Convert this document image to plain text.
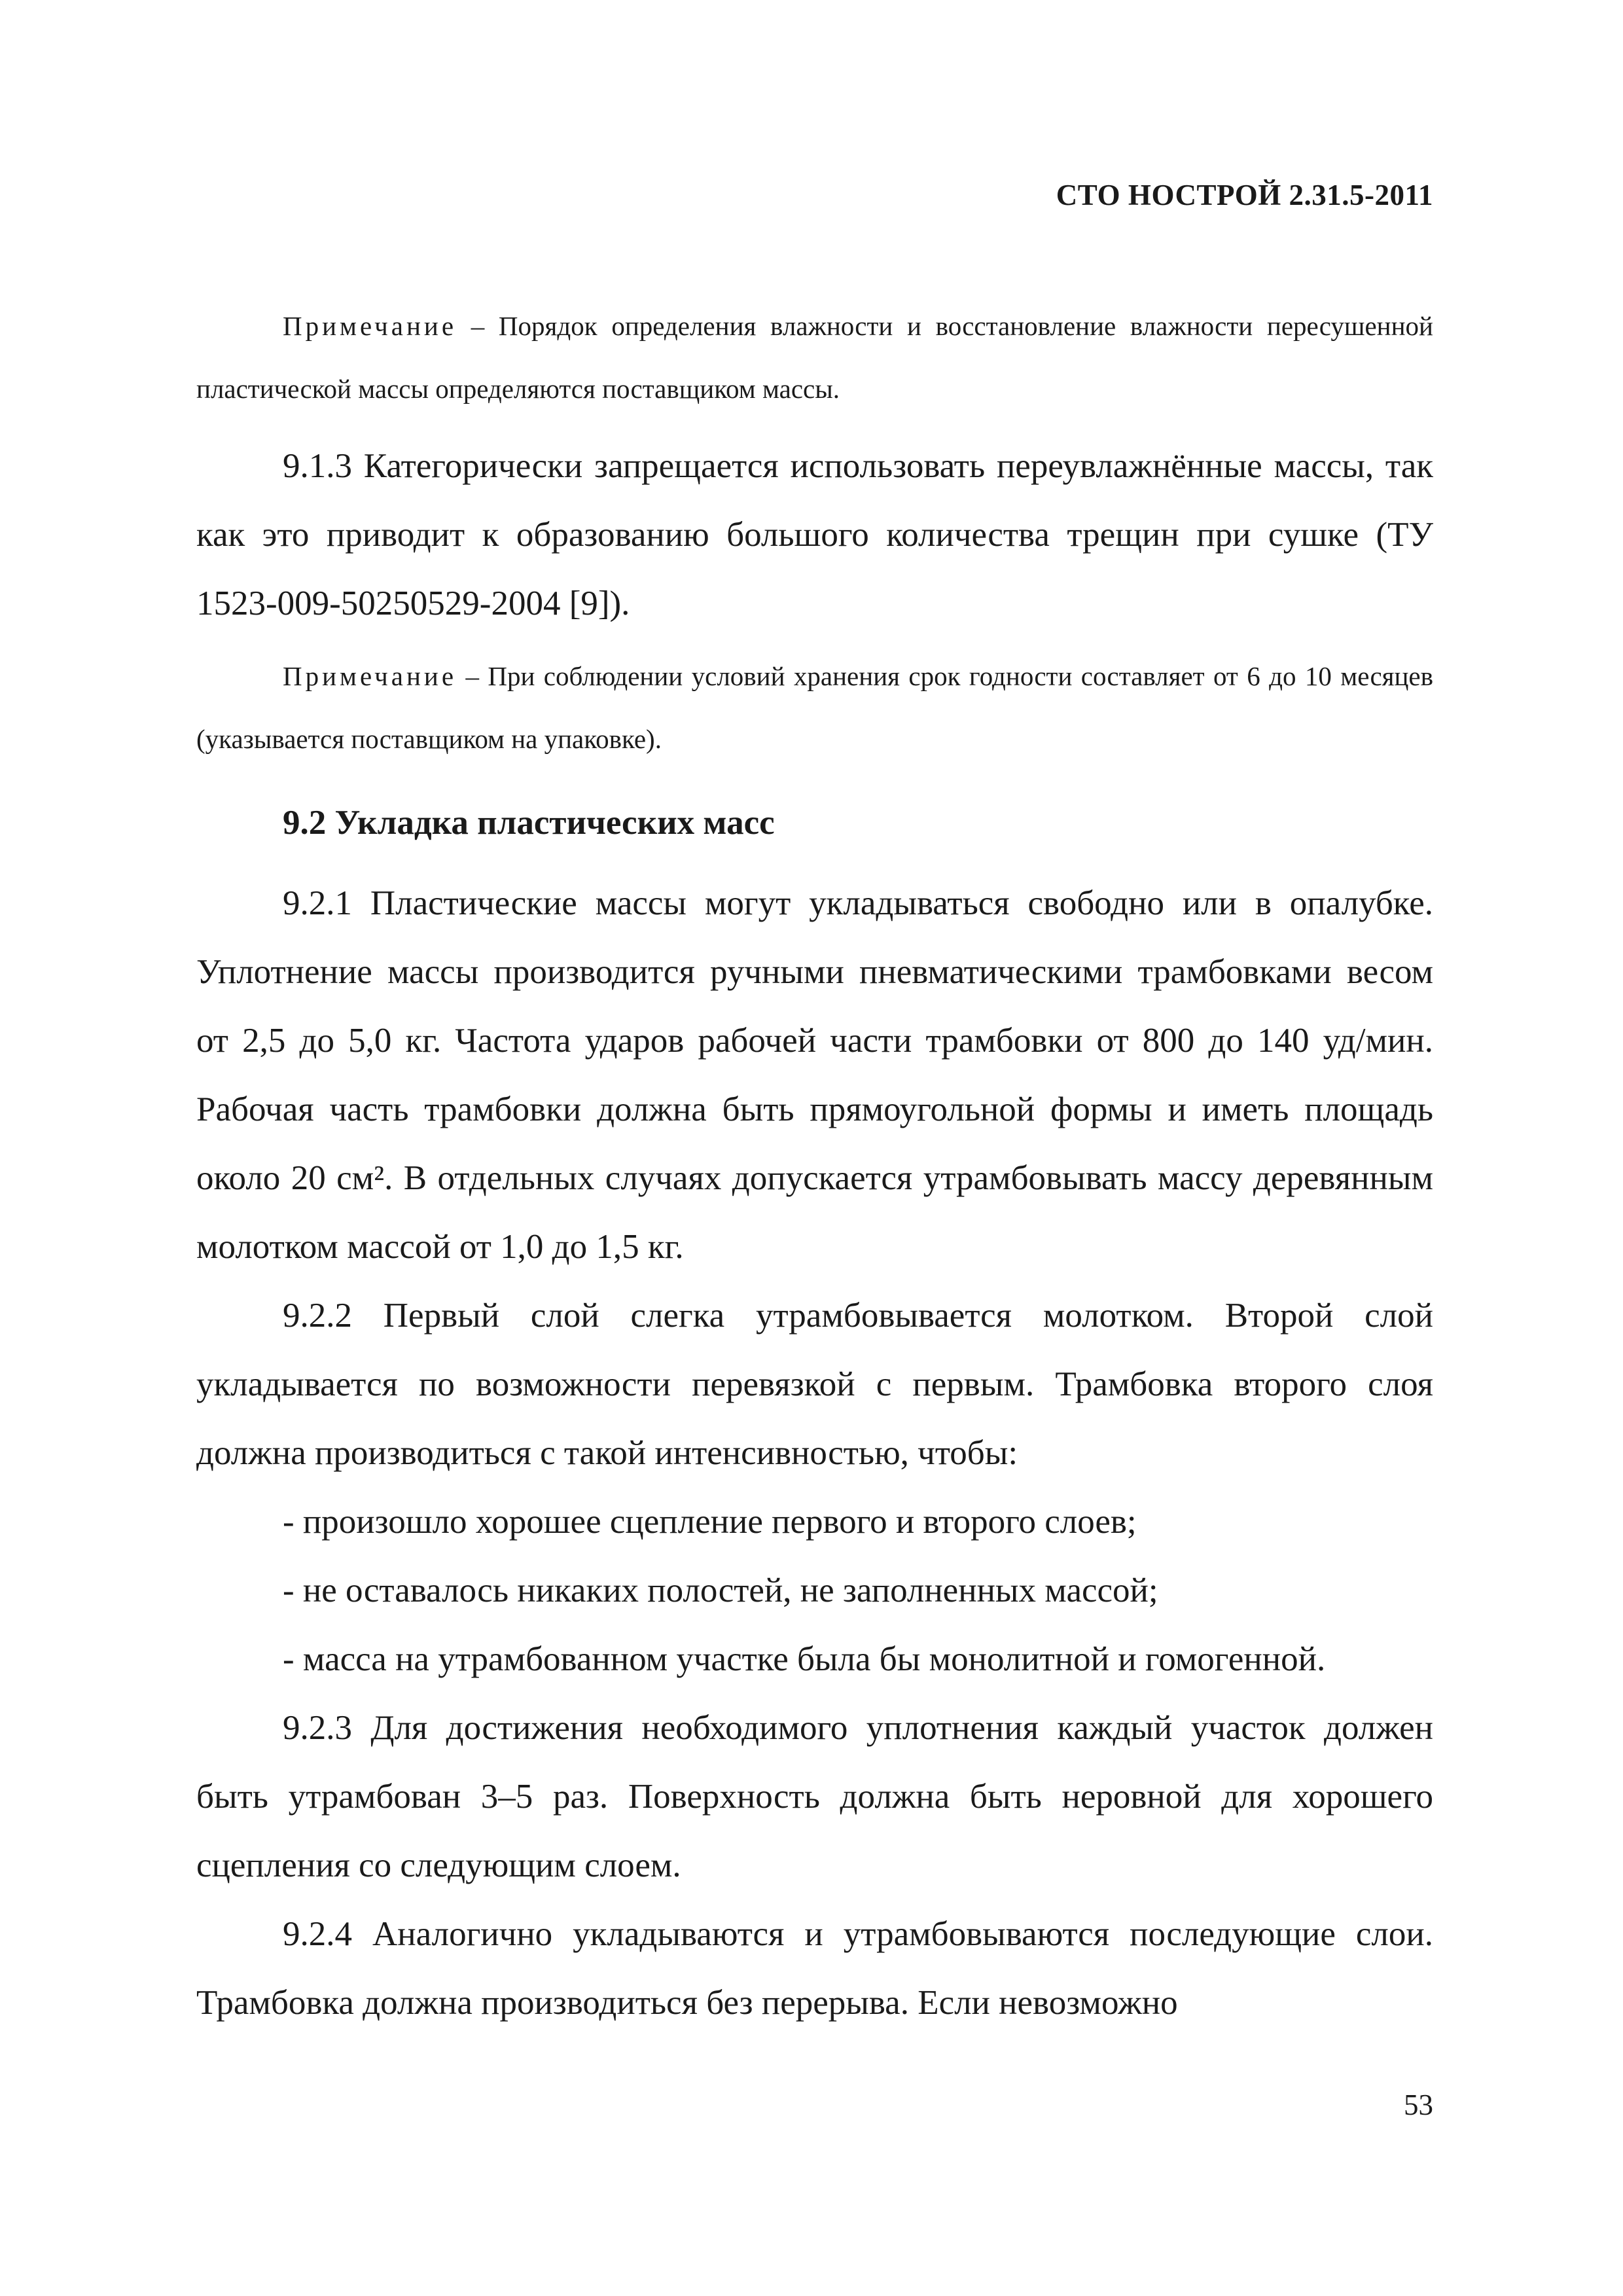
СТО НОСТРОЙ 2.31.5-2011

Примечание – Порядок определения влажности и восстановление влажности пересушенной пластической массы определяются поставщиком массы.

9.1.3 Категорически запрещается использовать переувлажнённые массы, так как это приводит к образованию большого количества трещин при сушке (ТУ 1523-009-50250529-2004 [9]).

Примечание – При соблюдении условий хранения срок годности составляет от 6 до 10 месяцев (указывается поставщиком на упаковке).

9.2 Укладка пластических масс

9.2.1 Пластические массы могут укладываться свободно или в опалубке. Уплотнение массы производится ручными пневматическими трамбовками весом от 2,5 до 5,0 кг. Частота ударов рабочей части трамбовки от 800 до 140 уд/мин. Рабочая часть трамбовки должна быть прямоугольной формы и иметь площадь около 20 см². В отдельных случаях допускается утрамбовывать массу деревянным молотком массой от 1,0 до 1,5 кг.

9.2.2 Первый слой слегка утрамбовывается молотком. Второй слой укладывается по возможности перевязкой с первым. Трамбовка второго слоя должна производиться с такой интенсивностью, чтобы:

- произошло хорошее сцепление первого и второго слоев;

- не оставалось никаких полостей, не заполненных массой;

- масса на утрамбованном участке была бы монолитной и гомогенной.

9.2.3 Для достижения необходимого уплотнения каждый участок должен быть утрамбован 3–5 раз. Поверхность должна быть неровной для хорошего сцепления со следующим слоем.

9.2.4 Аналогично укладываются и утрамбовываются последующие слои. Трамбовка должна производиться без перерыва. Если невозможно

53
